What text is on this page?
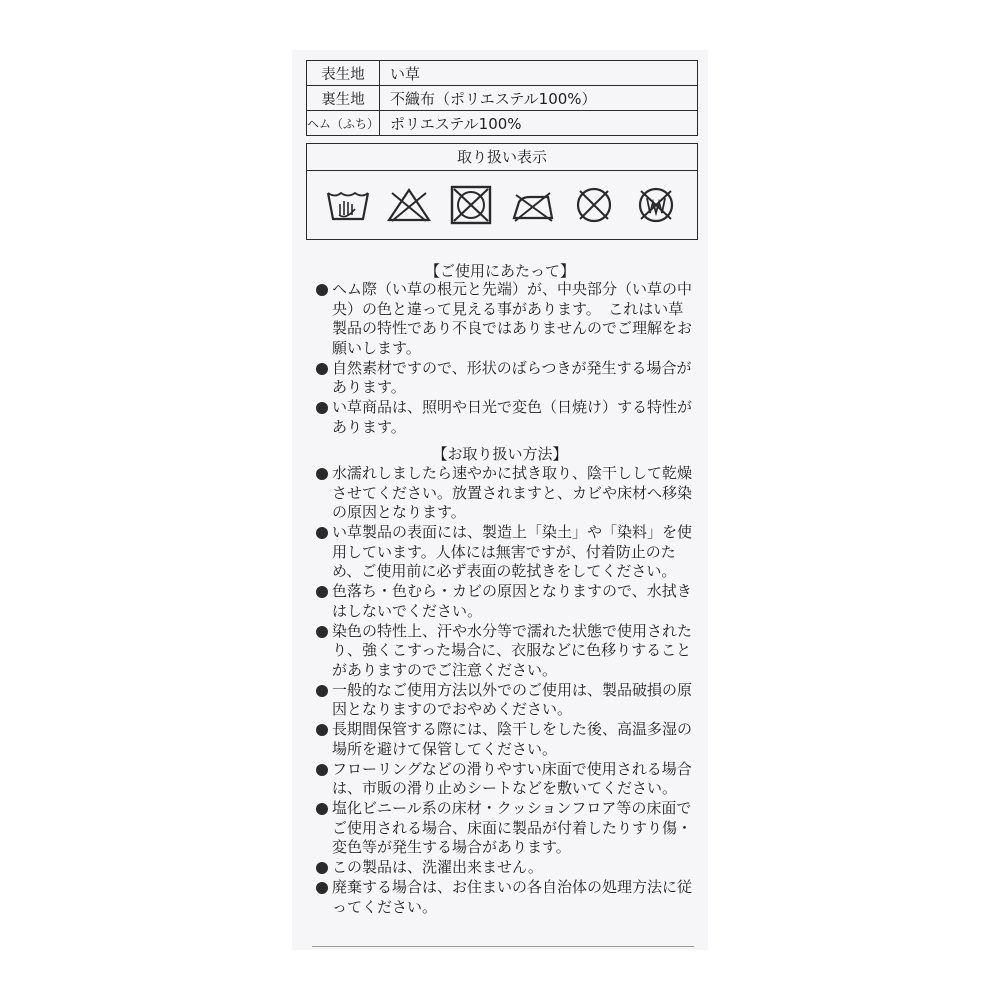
表生地	い草
裏生地	不織布（ポリエステル100%）
ヘム（ふち）	ポリエステル100%
取り扱い表示
【ご使用にあたって】
ヘム際（い草の根元と先端）が、中央部分（い草の中央）の色と違って見える事があります。　これはい草製品の特性であり不良ではありませんのでご理解をお願いします。
自然素材ですので、形状のばらつきが発生する場合があります。
い草商品は、照明や日光で変色（日焼け）する特性があります。
【お取り扱い方法】
水濡れしましたら速やかに拭き取り、陰干しして乾燥させてください。放置されますと、カビや床材へ移染の原因となります。
い草製品の表面には、製造上「染土」や「染料」を使用しています。人体には無害ですが、付着防止のため、ご使用前に必ず表面の乾拭きをしてください。
色落ち・色むら・カビの原因となりますので、水拭きはしないでください。
染色の特性上、汗や水分等で濡れた状態で使用されたり、強くこすった場合に、衣服などに色移りすることがありますのでご注意ください。
一般的なご使用方法以外でのご使用は、製品破損の原因となりますのでおやめください。
長期間保管する際には、陰干しをした後、高温多湿の場所を避けて保管してください。
フローリングなどの滑りやすい床面で使用される場合は、市販の滑り止めシートなどを敷いてください。
塩化ビニール系の床材・クッションフロア等の床面でご使用される場合、床面に製品が付着したりすり傷・変色等が発生する場合があります。
この製品は、洗濯出来ません。
廃棄する場合は、お住まいの各自治体の処理方法に従ってください。
